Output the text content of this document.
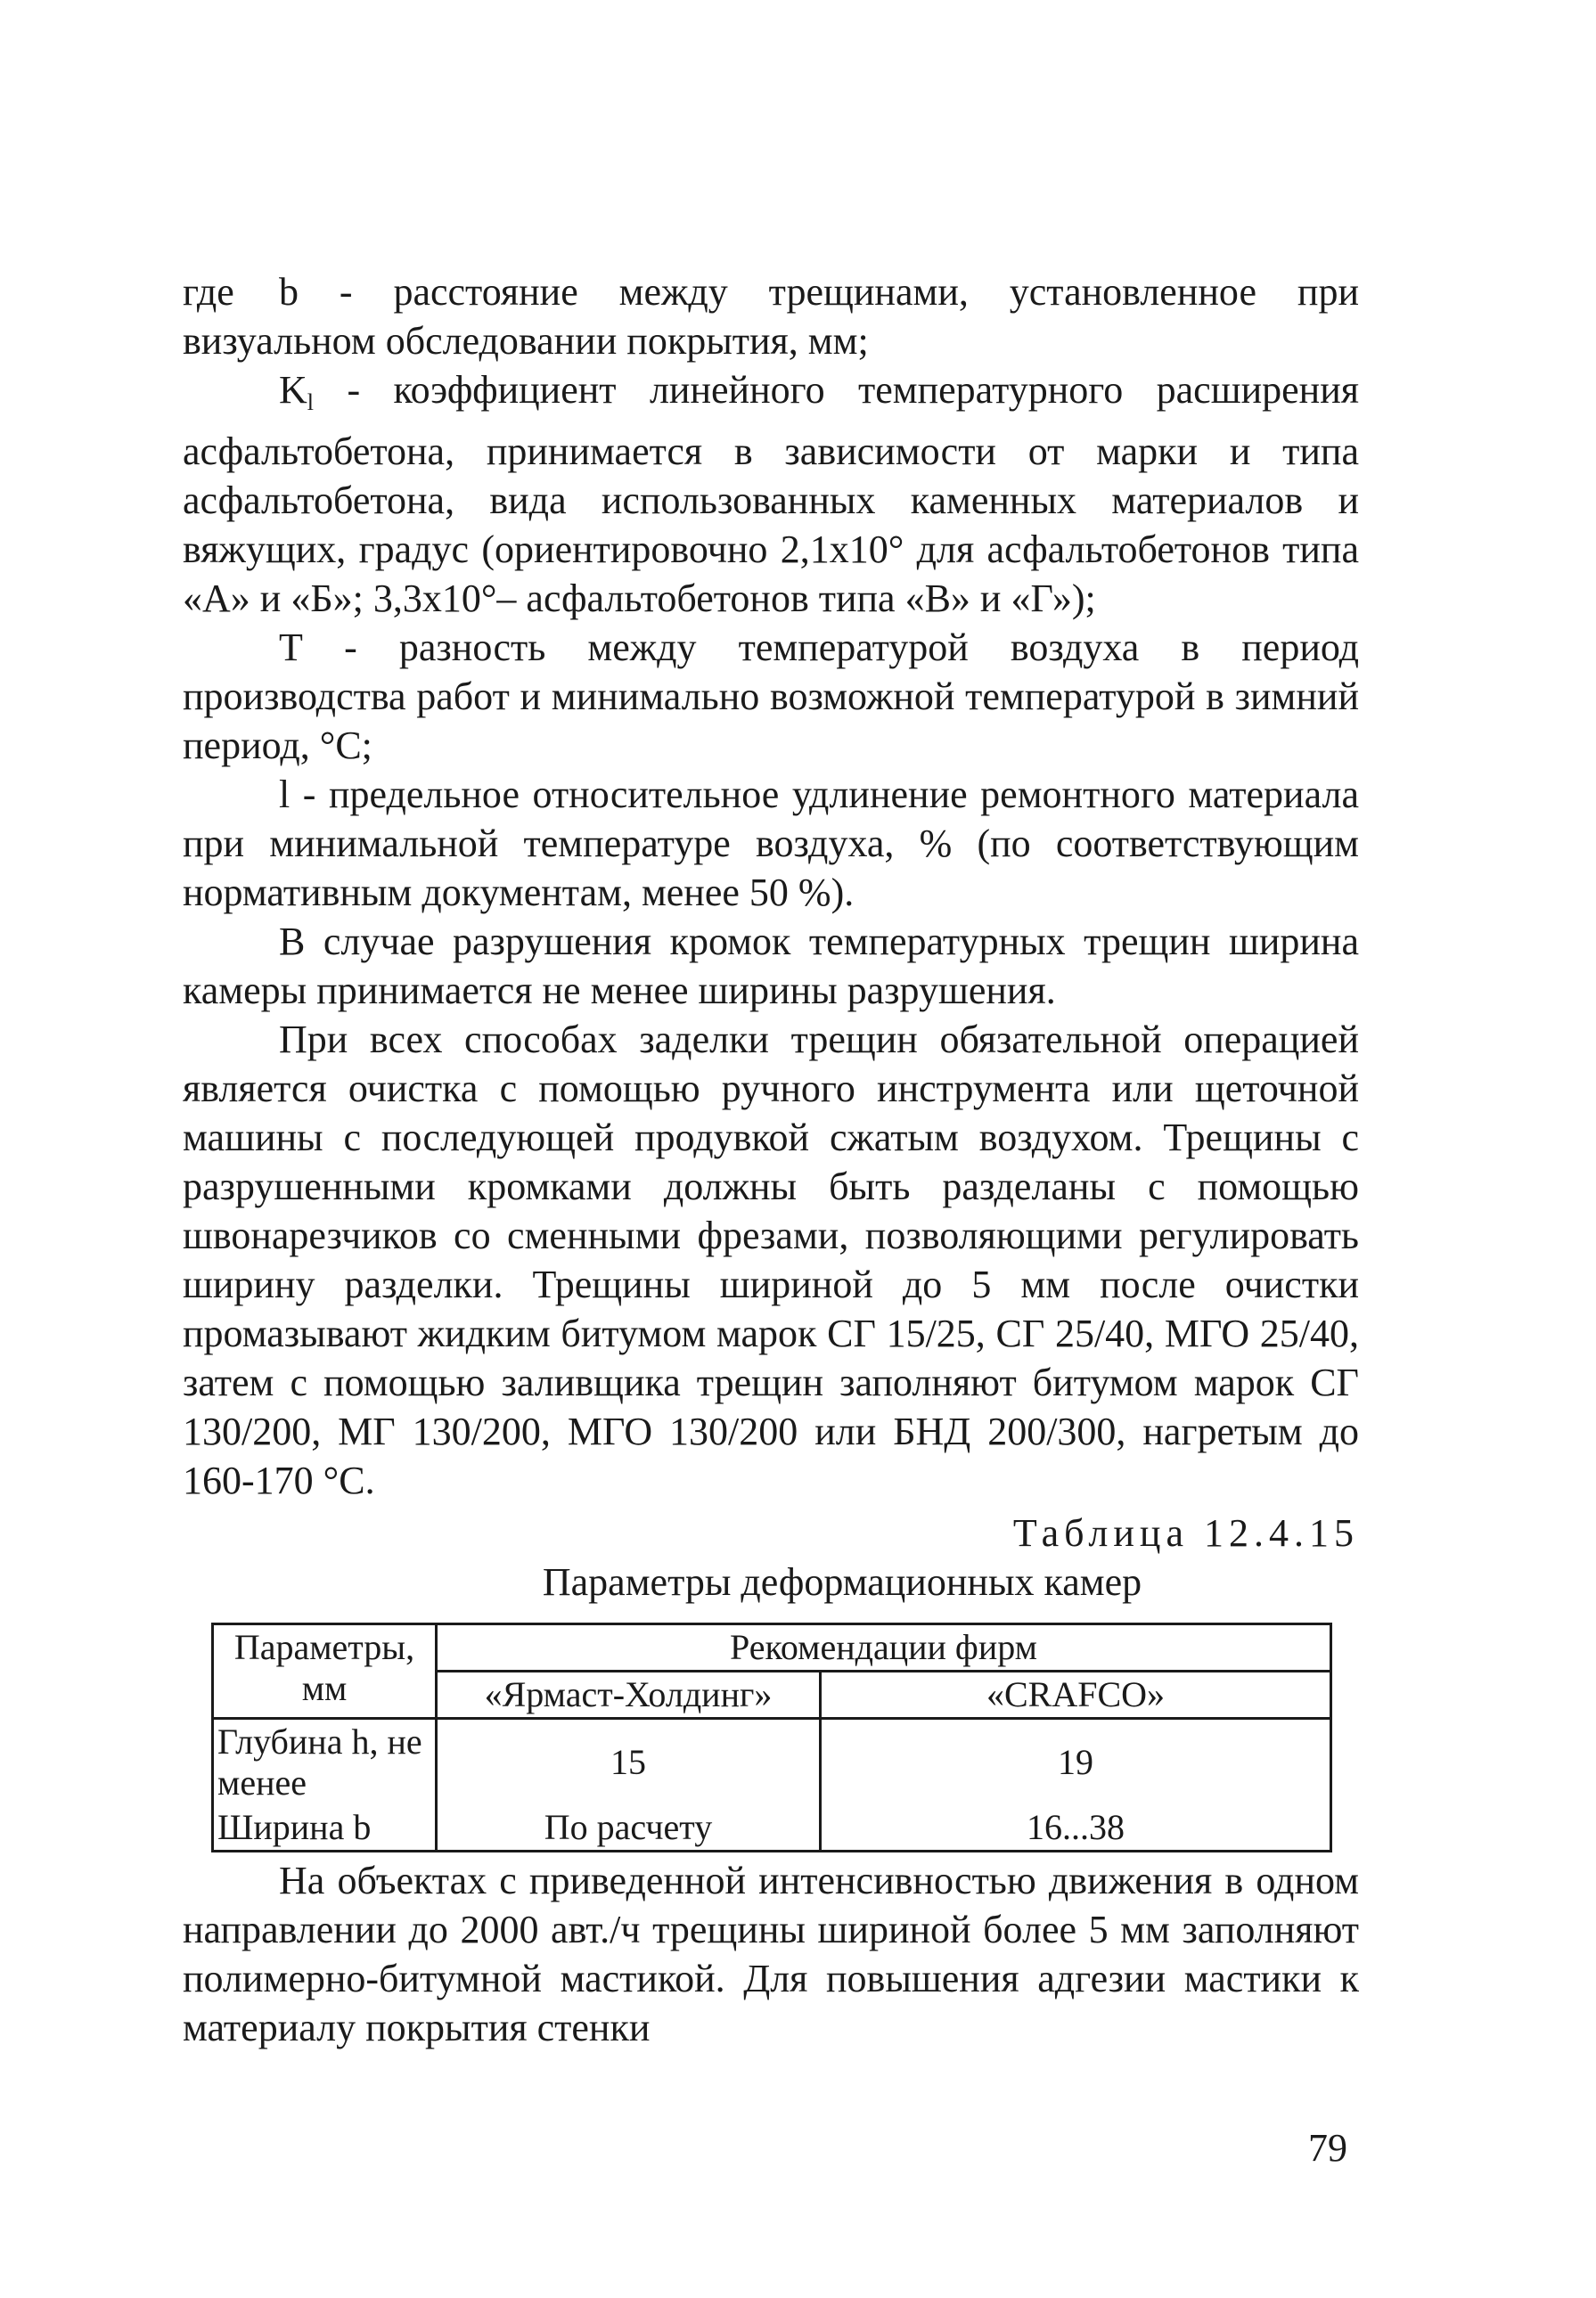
где b - расстояние между трещинами, установленное при визуальном обследовании покрытия, мм;

$K_l$ - коэффициент линейного температурного расширения асфальтобетона, принимается в зависимости от марки и типа асфальтобетона, вида использованных каменных материалов и вяжущих, градус (ориентировочно 2,1x10° для асфальтобетонов типа «А» и «Б»; 3,3x10°– асфальтобетонов типа «В» и «Г»);

T - разность между температурой воздуха в период производства работ и минимально возможной температурой в зимний период, °C;

l - предельное относительное удлинение ремонтного материала при минимальной температуре воздуха, % (по соответствующим нормативным документам, менее 50 %).

В случае разрушения кромок температурных трещин ширина камеры принимается не менее ширины разрушения.

При всех способах заделки трещин обязательной операцией является очистка с помощью ручного инструмента или щеточной машины с последующей продувкой сжатым воздухом. Трещины с разрушенными кромками должны быть разделаны с помощью швонарезчиков со сменными фрезами, позволяющими регулировать ширину разделки. Трещины шириной до 5 мм после очистки промазывают жидким битумом марок СГ 15/25, СГ 25/40, МГО 25/40, затем с помощью заливщика трещин заполняют битумом марок СГ 130/200, МГ 130/200, МГО 130/200 или БНД 200/300, нагретым до 160-170 °C.

Таблица 12.4.15
Параметры деформационных камер
Параметры, мм	Рекомендации фирм	
	«Ярмаст-Холдинг»	«CRAFCO»
Глубина h, не менее	15	19
Ширина b	По расчету	16...38

На объектах с приведенной интенсивностью движения в одном направлении до 2000 авт./ч трещины шириной более 5 мм заполняют полимерно-битумной мастикой. Для повышения адгезии мастики к материалу покрытия стенки

79
